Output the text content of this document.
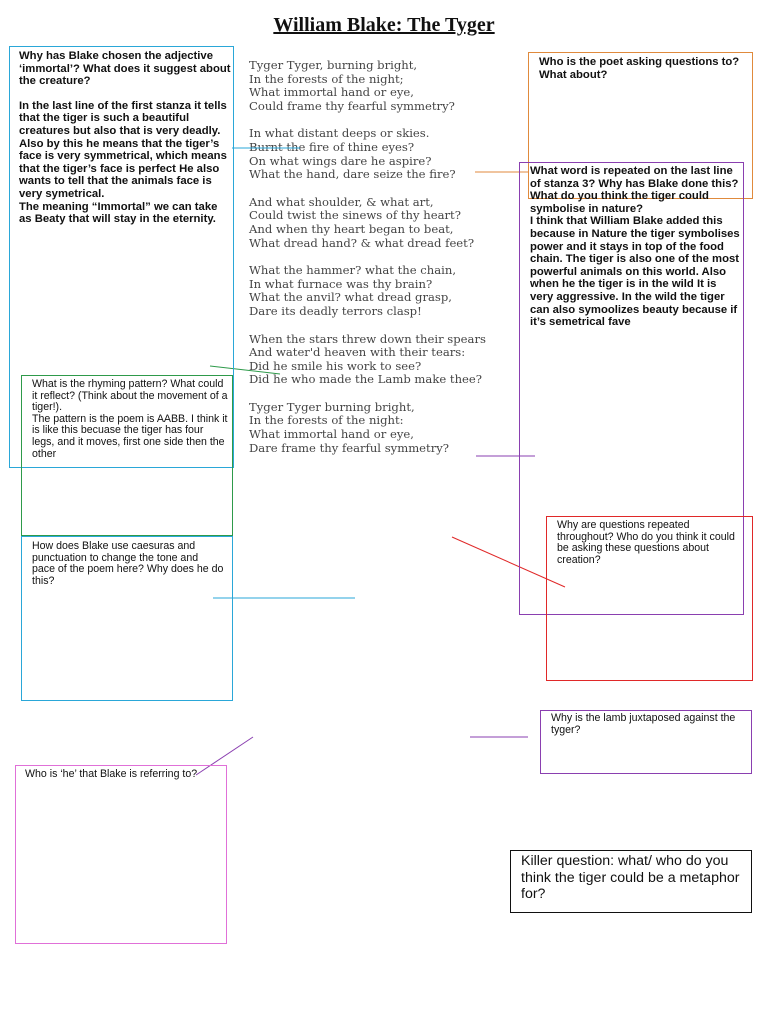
William Blake: The Tyger
Tyger Tyger, burning bright,
In the forests of the night;
What immortal hand or eye,
Could frame thy fearful symmetry?
In what distant deeps or skies.
Burnt the fire of thine eyes?
On what wings dare he aspire?
What the hand, dare seize the fire?
And what shoulder, & what art,
Could twist the sinews of thy heart?
And when thy heart began to beat,
What dread hand? & what dread feet?
What the hammer? what the chain,
In what furnace was thy brain?
What the anvil? what dread grasp,
Dare its deadly terrors clasp!
When the stars threw down their spears
And water'd heaven with their tears:
Did he smile his work to see?
Did he who made the Lamb make thee?
Tyger Tyger burning bright,
In the forests of the night:
What immortal hand or eye,
Dare frame thy fearful symmetry?

Why has Blake chosen the adjective ‘immortal’? What does it suggest about the creature?

In the last line of the first stanza it tells that the tiger is such a beautiful creatures but also that is very deadly. Also by this he means that the tiger’s face is very symmetrical, which means that the tiger’s face is perfect He also wants to tell that the animals face is very symetrical.

The meaning “Immortal” we can take as Beaty that will stay in the eternity.

What is the rhyming pattern? What could it reflect? (Think about the movement of a tiger!).

The pattern is the poem is AABB. I think it is like this becuase the tiger has four legs, and it moves, first one side then the other

How does Blake use caesuras and punctuation to change the tone and pace of the poem here? Why does he do this?

Who is ‘he’ that Blake is referring to?

Who is the poet asking questions to? What about?

What word is repeated on the last line of stanza 3? Why has Blake done this? What do you think the tiger could symbolise in nature?

I think that William Blake added this because in Nature the tiger symbolises power and it stays in top of the food chain. The tiger is also one of the most powerful animals on this world. Also when he the tiger is in the wild It is very aggressive. In the wild the tiger can also symoolizes beauty because if it’s semetrical fave

Why are questions repeated throughout? Who do you think it could be asking these questions about creation?

Why is the lamb juxtaposed against the tyger?

Killer question: what/ who do you think the tiger could be a metaphor for?
